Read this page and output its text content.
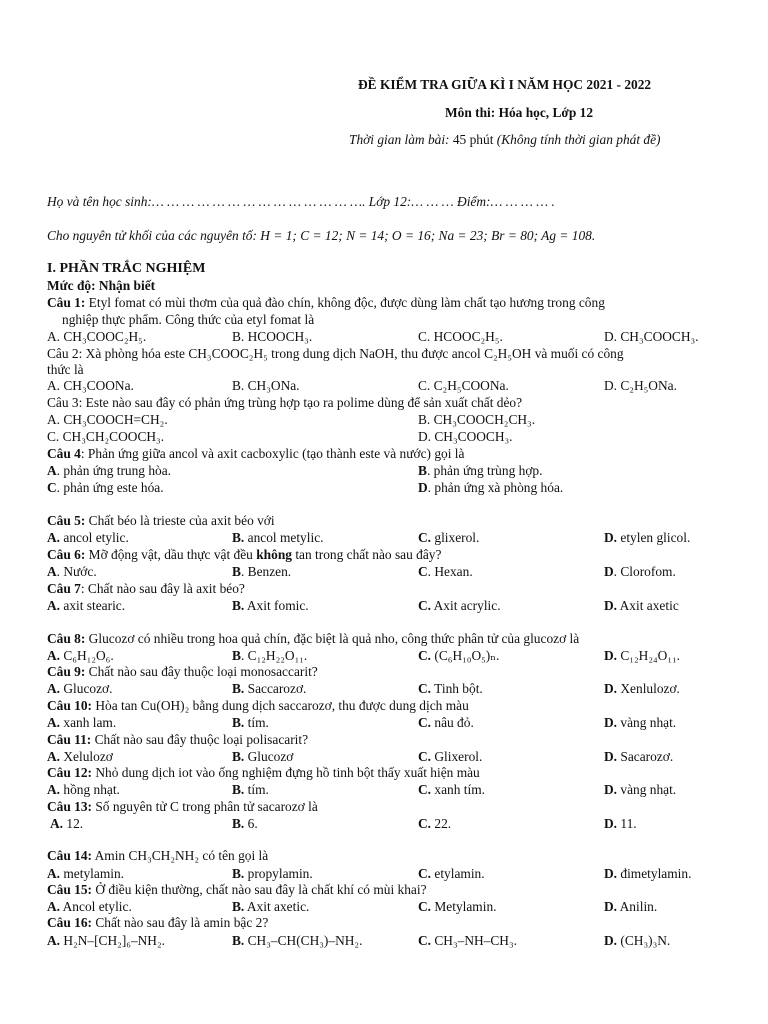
ĐỀ KIỂM TRA GIỮA KÌ I NĂM HỌC 2021 - 2022
Môn thi: Hóa học, Lớp 12
Thời gian làm bài: 45 phút (Không tính thời gian phát đề)
Họ và tên học sinh:… … … … … … … … … … … … … …. Lớp 12:… … … Điểm:… … … … .
Cho nguyên tử khối của các nguyên tố: H = 1; C = 12; N = 14; O = 16; Na = 23; Br = 80; Ag = 108.
I. PHẦN TRẮC NGHIỆM
Mức độ: Nhận biết
Câu 1: Etyl fomat có mùi thơm của quả đào chín, không độc, được dùng làm chất tạo hương trong công
nghiệp thực phẩm. Công thức của etyl fomat là
A. CH₃COOC₂H₅.	B. HCOOCH₃.	C. HCOOC₂H₅.	D. CH₃COOCH₃.
Câu 2: Xà phòng hóa este CH₃COOC₂H₅ trong dung dịch NaOH, thu được ancol C₂H₅OH và muối có công
thức là
A. CH₃COONa.	B. CH₃ONa.	C. C₂H₅COONa.	D. C₂H₅ONa.
Câu 3: Este nào sau đây có phản ứng trùng hợp tạo ra polime dùng để sản xuất chất dẻo?
A. CH₃COOCH=CH₂.	B. CH₃COOCH₂CH₃.
C. CH₃CH₂COOCH₃.	D. CH₃COOCH₃.
Câu 4: Phản ứng giữa ancol và axit cacboxylic (tạo thành este và nước) gọi là
A. phản ứng trung hòa.	B. phản ứng trùng hợp.
C. phản ứng este hóa.	D. phản ứng xà phòng hóa.
Câu 5: Chất béo là trieste của axit béo với
A. ancol etylic.	B. ancol metylic.	C. glixerol.	D. etylen glicol.
Câu 6: Mỡ động vật, dầu thực vật đều không tan trong chất nào sau đây?
A. Nước.	B. Benzen.	C. Hexan.	D. Clorofom.
Câu 7: Chất nào sau đây là axit béo?
A. axit stearic.	B. Axit fomic.	C. Axit acrylic.	D. Axit axetic
Câu 8: Glucozơ có nhiều trong hoa quả chín, đặc biệt là quả nho, công thức phân tử của glucozơ là
A. C₆H₁₂O₆.	B. C₁₂H₂₂O₁₁.	C. (C₆H₁₀O₅)ₙ.	D. C₁₂H₂₄O₁₁.
Câu 9: Chất nào sau đây thuộc loại monosaccarit?
A. Glucozơ.	B. Saccarozơ.	C. Tinh bột.	D. Xenlulozơ.
Câu 10: Hòa tan Cu(OH)₂ bằng dung dịch saccarozơ, thu được dung dịch màu
A. xanh lam.	B. tím.	C. nâu đỏ.	D. vàng nhạt.
Câu 11: Chất nào sau đây thuộc loại polisacarit?
A. Xelulozơ	B. Glucozơ	C. Glixerol.	D. Sacarozơ.
Câu 12: Nhỏ dung dịch iot vào ống nghiệm đựng hồ tinh bột thấy xuất hiện màu
A. hồng nhạt.	B. tím.	C. xanh tím.	D. vàng nhạt.
Câu 13: Số nguyên tử C trong phân tử sacarozơ là
A. 12.	B. 6.	C. 22.	D. 11.
Câu 14: Amin CH₃CH₂NH₂ có tên gọi là
A. metylamin.	B. propylamin.	C. etylamin.	D. đimetylamin.
Câu 15: Ở điều kiện thường, chất nào sau đây là chất khí có mùi khai?
A. Ancol etylic.	B. Axit axetic.	C. Metylamin.	D. Anilin.
Câu 16: Chất nào sau đây là amin bậc 2?
A. H₂N–[CH₂]₆–NH₂.	B. CH₃–CH(CH₃)–NH₂.	C. CH₃–NH–CH₃.	D. (CH₃)₃N.
